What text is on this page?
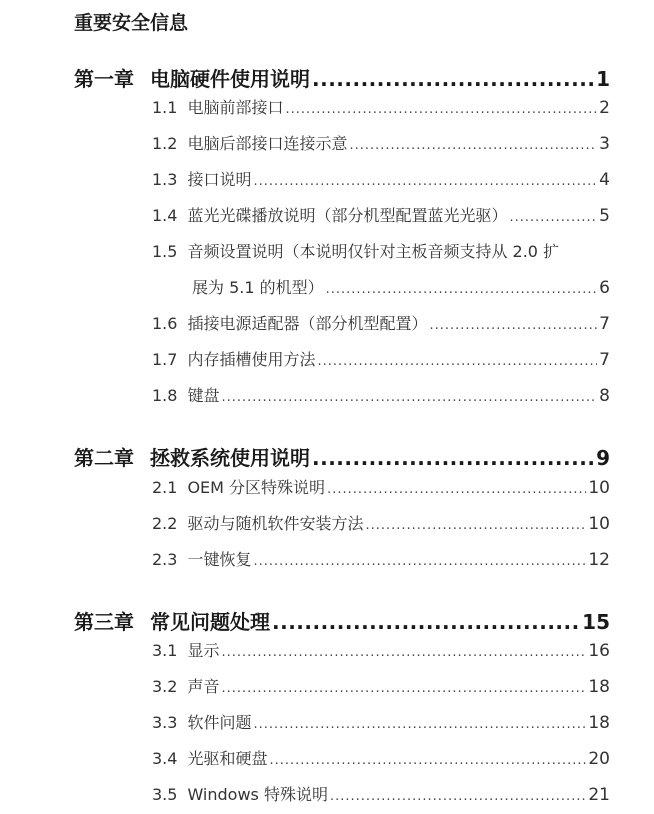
重要安全信息
第一章 电脑硬件使用说明 .....	1
1.1 电脑前部接口 .....	2
1.2 电脑后部接口连接示意 .....	3
1.3 接口说明 .....	4
1.4 蓝光光碟播放说明（部分机型配置蓝光光驱） .....	5
1.5 音频设置说明（本说明仅针对主板音频支持从 2.0 扩
展为 5.1 的机型） .....	6
1.6 插接电源适配器（部分机型配置） .....	7
1.7 内存插槽使用方法 .....	7
1.8 键盘 .....	8
第二章 拯救系统使用说明 .....	9
2.1 OEM 分区特殊说明 .....	10
2.2 驱动与随机软件安装方法 .....	10
2.3 一键恢复 .....	12
第三章 常见问题处理 .....	15
3.1 显示 .....	16
3.2 声音 .....	18
3.3 软件问题 .....	18
3.4 光驱和硬盘 .....	20
3.5 Windows 特殊说明 .....	21
